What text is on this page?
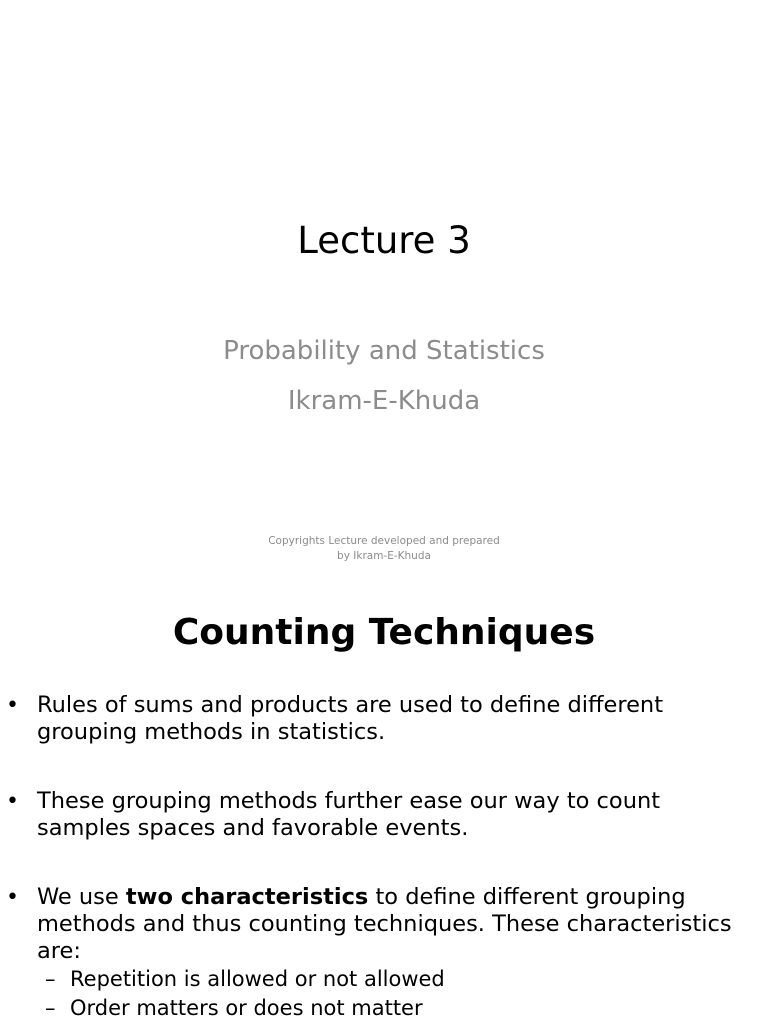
Lecture 3
Probability and Statistics
Ikram-E-Khuda
Copyrights Lecture developed and prepared
by Ikram-E-Khuda
Counting Techniques
• Rules of sums and products are used to define different grouping methods in statistics.
• These grouping methods further ease our way to count samples spaces and favorable events.
• We use two characteristics to define different grouping methods and thus counting techniques. These characteristics are:
– Repetition is allowed or not allowed
– Order matters or does not matter
